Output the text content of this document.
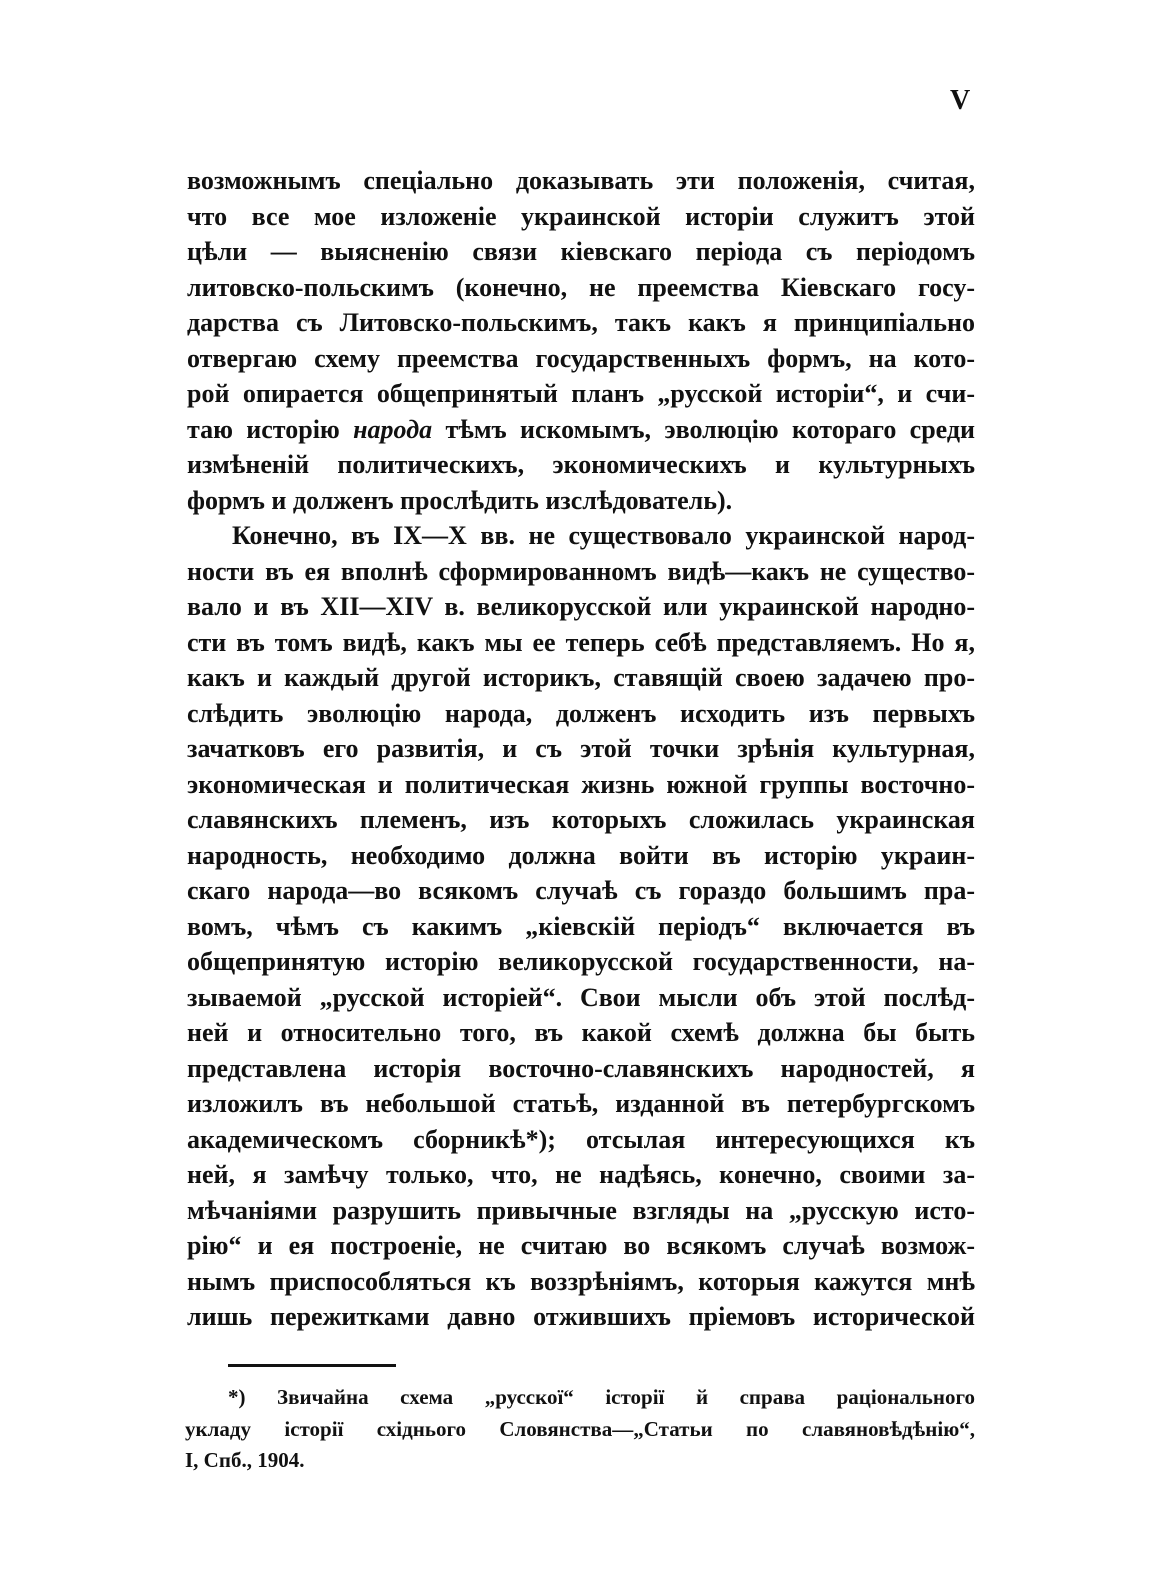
V
возможнымъ спеціально доказывать эти положенія, считая,
что все мое изложеніе украинской исторіи служитъ этой
цѣли — выясненію связи кіевскаго періода съ періодомъ
литовско-польскимъ (конечно, не преемства Кіевскаго госу-
дарства съ Литовско-польскимъ, такъ какъ я принципіально
отвергаю схему преемства государственныхъ формъ, на кото-
рой опирается общепринятый планъ „русской исторіи“, и счи-
таю исторію народа тѣмъ искомымъ, эволюцію котораго среди
измѣненій политическихъ, экономическихъ и культурныхъ
формъ и долженъ прослѣдить изслѣдователь).
Конечно, въ IX—X вв. не существовало украинской народ-
ности въ ея вполнѣ сформированномъ видѣ—какъ не существо-
вало и въ XII—XIV в. великорусской или украинской народно-
сти въ томъ видѣ, какъ мы ее теперь себѣ представляемъ. Но я,
какъ и каждый другой историкъ, ставящій своею задачею про-
слѣдить эволюцію народа, долженъ исходить изъ первыхъ
зачатковъ его развитія, и съ этой точки зрѣнія культурная,
экономическая и политическая жизнь южной группы восточно-
славянскихъ племенъ, изъ которыхъ сложилась украинская
народность, необходимо должна войти въ исторію украин-
скаго народа—во всякомъ случаѣ съ гораздо большимъ пра-
вомъ, чѣмъ съ какимъ „кіевскій періодъ“ включается въ
общепринятую исторію великорусской государственности, на-
зываемой „русской исторіей“. Свои мысли объ этой послѣд-
ней и относительно того, въ какой схемѣ должна бы быть
представлена исторія восточно-славянскихъ народностей, я
изложилъ въ небольшой статьѣ, изданной въ петербургскомъ
академическомъ сборникѣ*); отсылая интересующихся къ
ней, я замѣчу только, что, не надѣясь, конечно, своими за-
мѣчаніями разрушить привычные взгляды на „русскую исто-
рію“ и ея построеніе, не считаю во всякомъ случаѣ возмож-
нымъ приспособляться къ воззрѣніямъ, которыя кажутся мнѣ
лишь пережитками давно отжившихъ пріемовъ исторической
*) Звичайна схема „русскої“ історії й справа раціонального
укладу історії східнього Словянства—„Статьи по славяновѣдѣнію“,
I, Спб., 1904.
